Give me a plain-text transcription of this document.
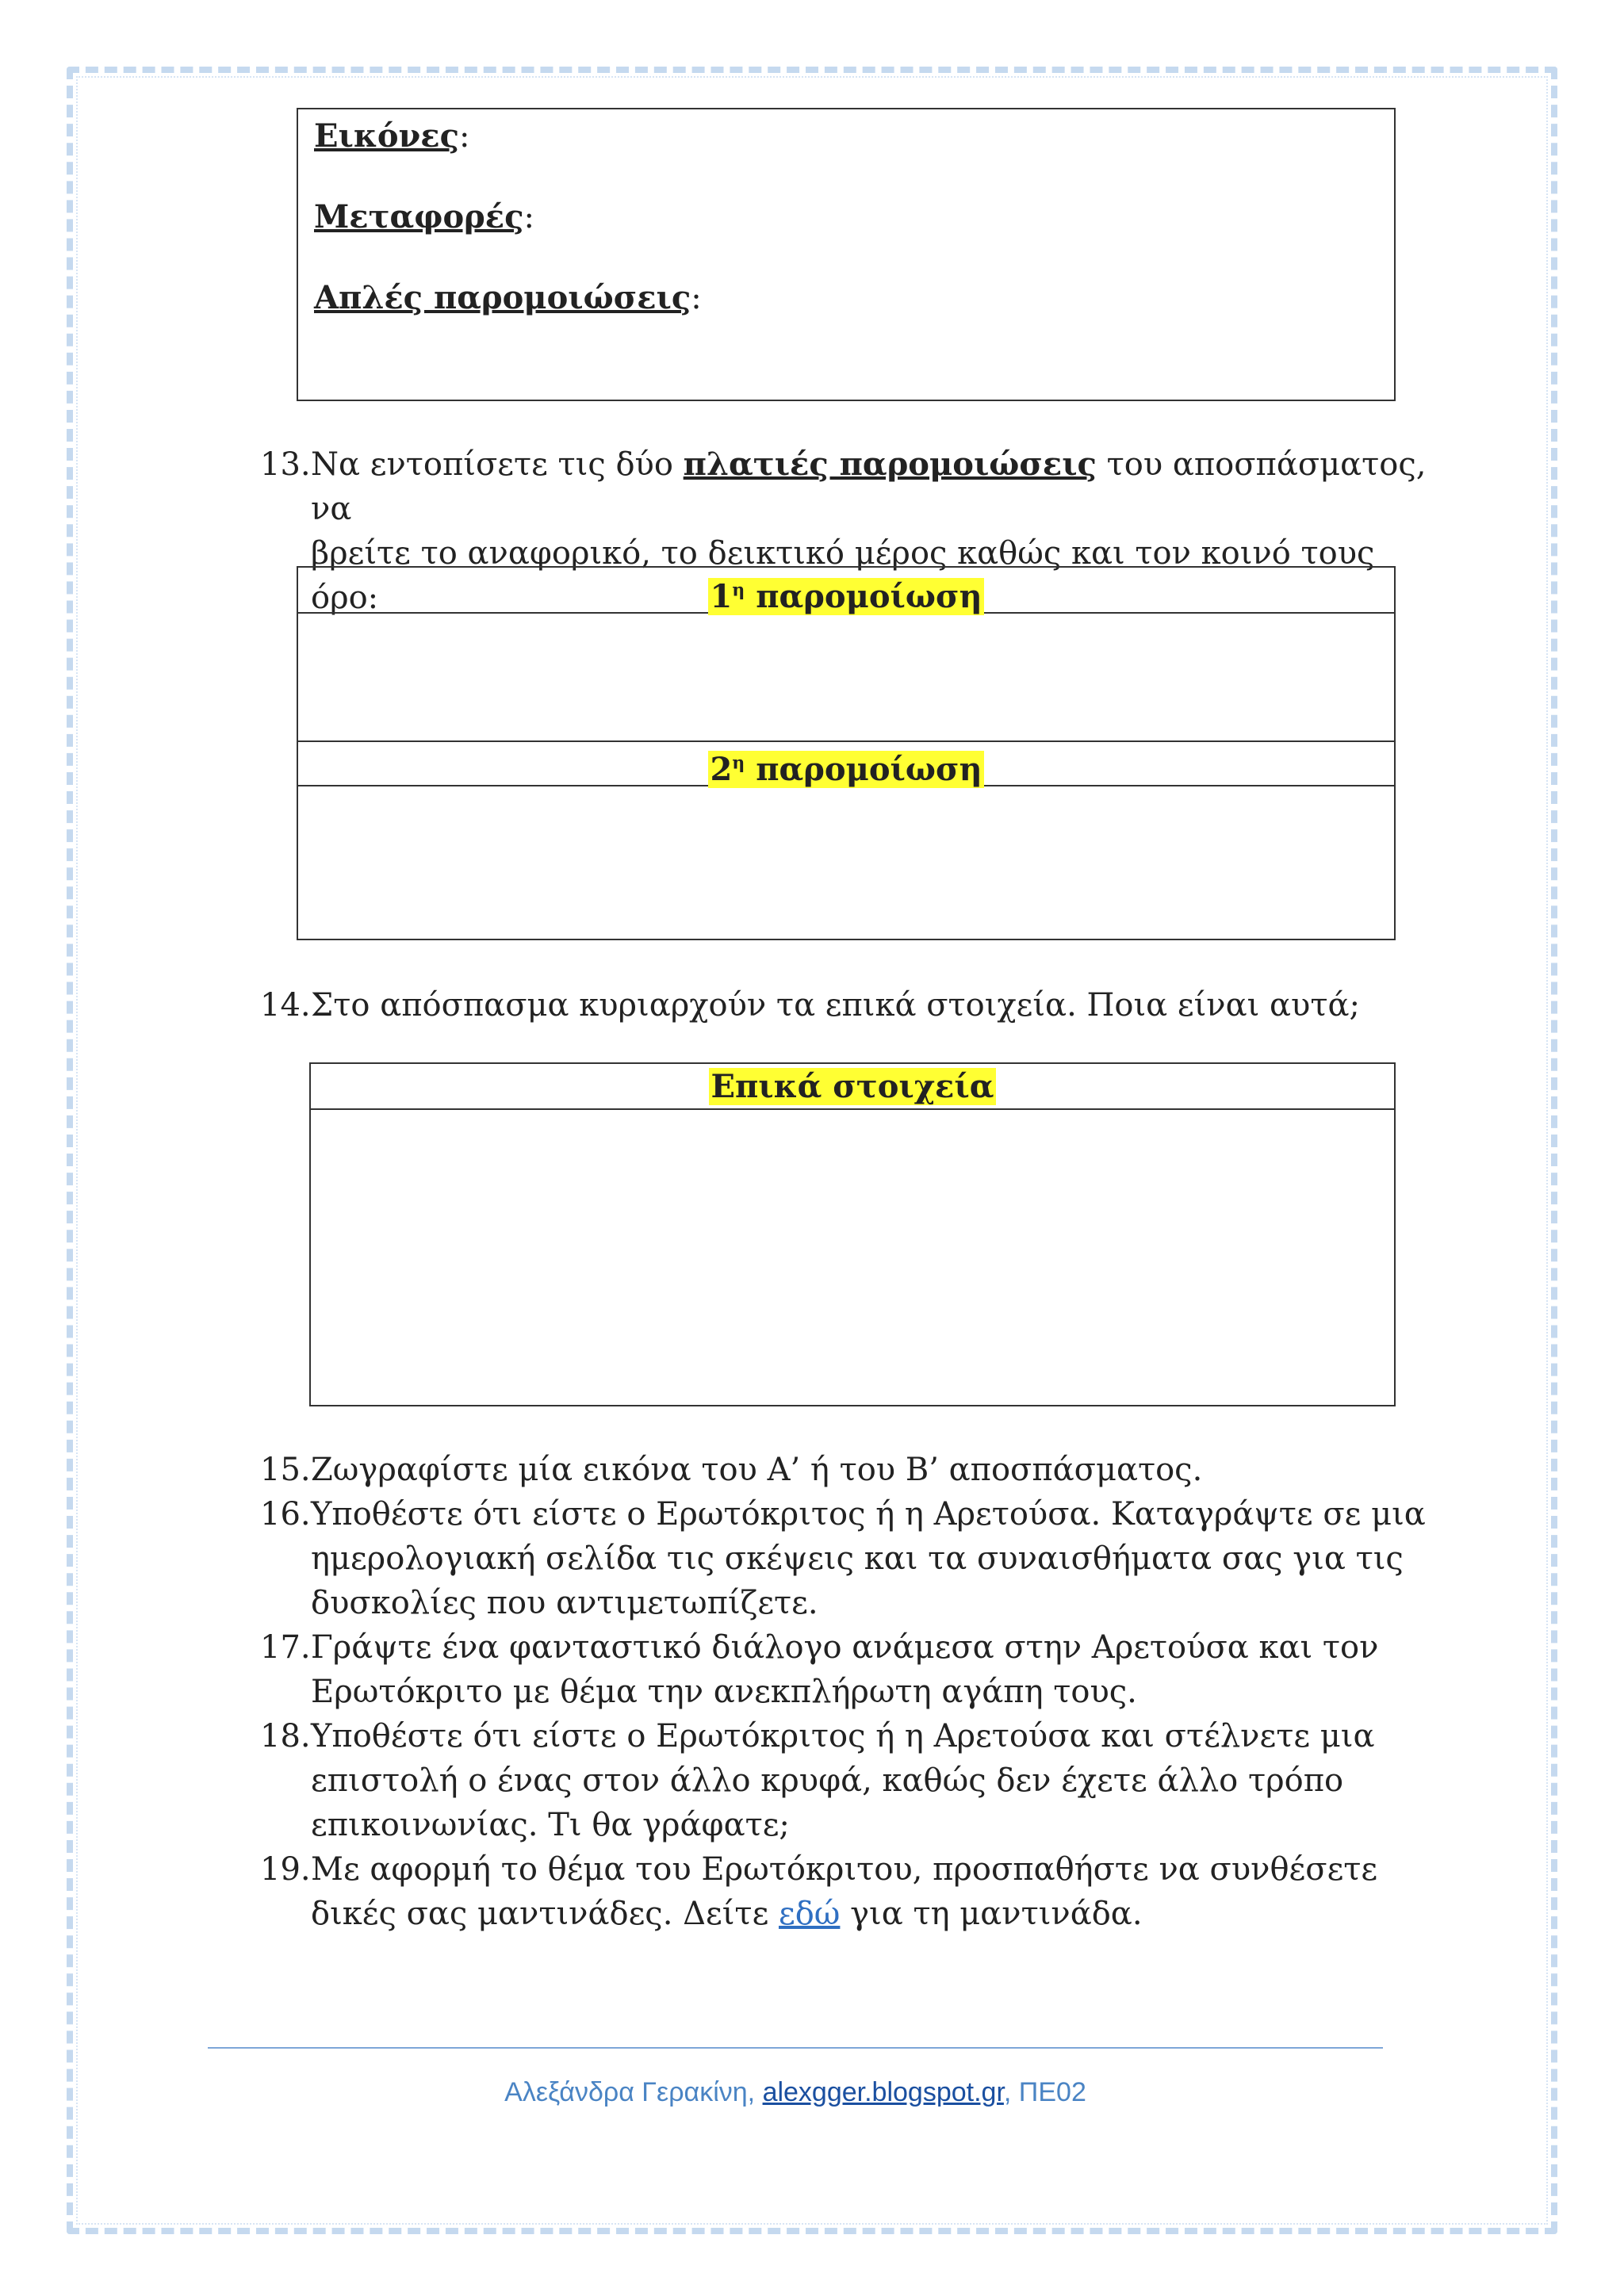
Εικόνες:
Μεταφορές:
Απλές παρομοιώσεις:
13. Να εντοπίσετε τις δύο πλατιές παρομοιώσεις του αποσπάσματος, να
βρείτε το αναφορικό, το δεικτικό μέρος καθώς και τον κοινό τους όρο:	$1^\eta$ παρομοίωση
$2^\eta$ παρομοίωση
14. Στο απόσπασμα κυριαρχούν τα επικά στοιχεία. Ποια είναι αυτά;
Επικά στοιχεία
15. Ζωγραφίστε μία εικόνα του Α’ ή του Β’ αποσπάσματος.
16. Υποθέστε ότι είστε ο Ερωτόκριτος ή η Αρετούσα. Καταγράψτε σε μια
ημερολογιακή σελίδα τις σκέψεις και τα συναισθήματα σας για τις
δυσκολίες που αντιμετωπίζετε.
17. Γράψτε ένα φανταστικό διάλογο ανάμεσα στην Αρετούσα και τον
Ερωτόκριτο με θέμα την ανεκπλήρωτη αγάπη τους.
18. Υποθέστε ότι είστε ο Ερωτόκριτος ή η Αρετούσα και στέλνετε μια
επιστολή ο ένας στον άλλο κρυφά, καθώς δεν έχετε άλλο τρόπο
επικοινωνίας. Τι θα γράφατε;
19. Με αφορμή το θέμα του Ερωτόκριτου, προσπαθήστε να συνθέσετε
δικές σας μαντινάδες. Δείτε εδώ για τη μαντινάδα.
Αλεξάνδρα Γερακίνη, alexgger.blogspot.gr, ΠΕ02
